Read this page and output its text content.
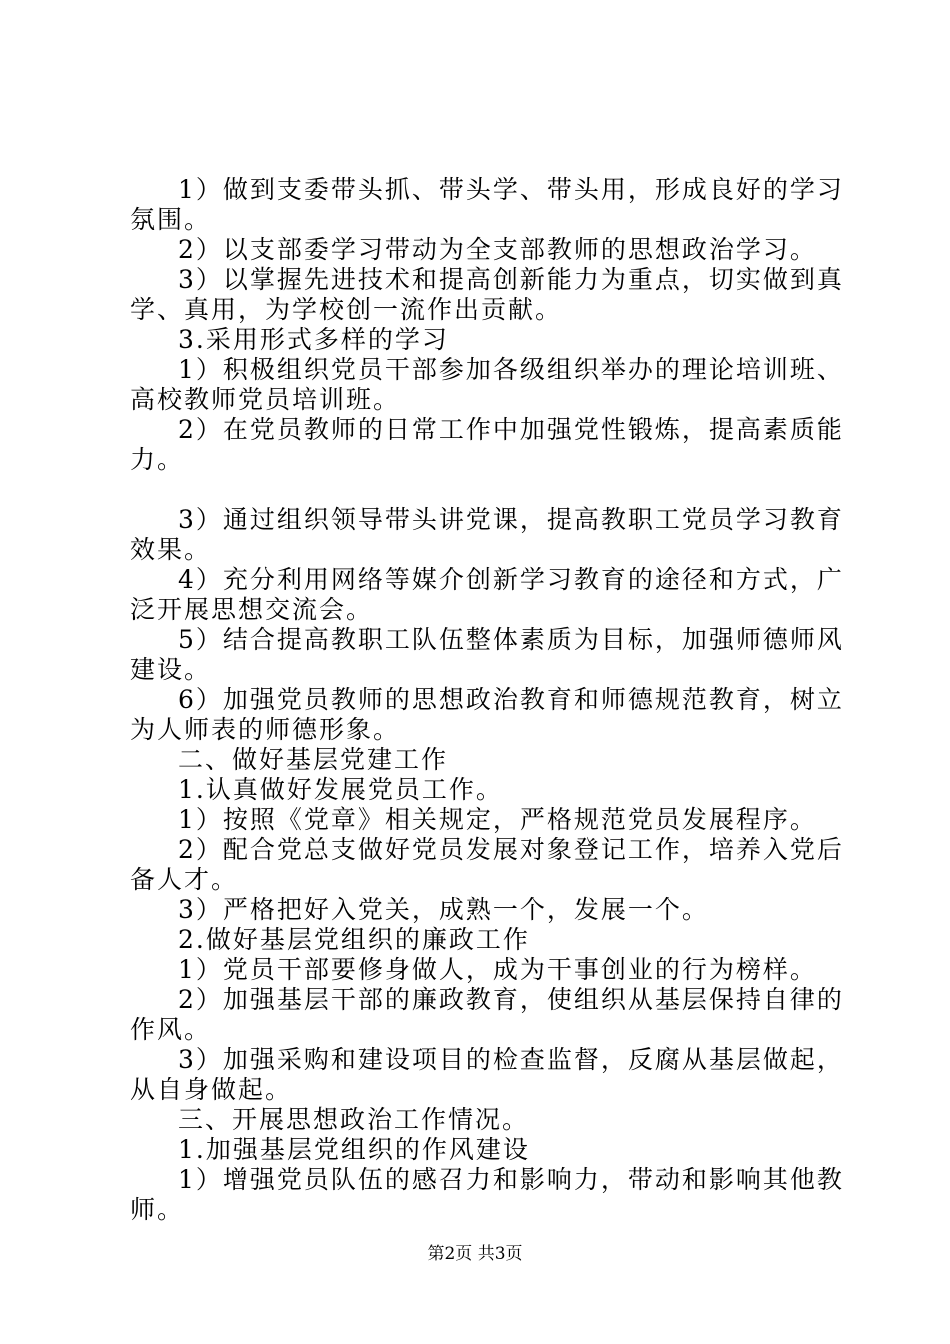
1）做到支委带头抓、带头学、带头用，形成良好的学习氛围。

2）以支部委学习带动为全支部教师的思想政治学习。

3）以掌握先进技术和提高创新能力为重点，切实做到真学、真用，为学校创一流作出贡献。

3.采用形式多样的学习

1）积极组织党员干部参加各级组织举办的理论培训班、高校教师党员培训班。

2）在党员教师的日常工作中加强党性锻炼，提高素质能力。

3）通过组织领导带头讲党课，提高教职工党员学习教育效果。

4）充分利用网络等媒介创新学习教育的途径和方式，广泛开展思想交流会。

5）结合提高教职工队伍整体素质为目标，加强师德师风建设。

6）加强党员教师的思想政治教育和师德规范教育，树立为人师表的师德形象。

二、做好基层党建工作

1.认真做好发展党员工作。

1）按照《党章》相关规定，严格规范党员发展程序。

2）配合党总支做好党员发展对象登记工作，培养入党后备人才。

3）严格把好入党关，成熟一个，发展一个。

2.做好基层党组织的廉政工作

1）党员干部要修身做人，成为干事创业的行为榜样。

2）加强基层干部的廉政教育，使组织从基层保持自律的作风。

3）加强采购和建设项目的检查监督，反腐从基层做起，从自身做起。

三、开展思想政治工作情况。

1.加强基层党组织的作风建设

1）增强党员队伍的感召力和影响力，带动和影响其他教师。

第2页 共3页
